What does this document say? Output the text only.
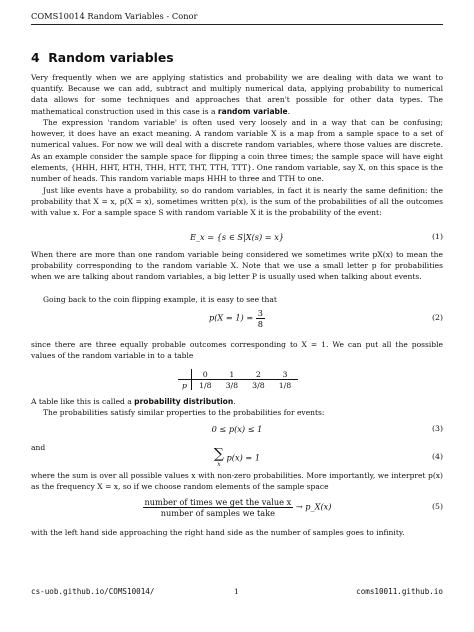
COMS10014 Random Variables - Conor
4 Random variables
Very frequently when we are applying statistics and probability we are dealing with data we want to quantify. Because we can add, subtract and multiply numerical data, applying probability to numerical data allows for some techniques and approaches that aren't possible for other data types. The mathematical construction used in this case is a random variable.
The expression 'random variable' is often used very loosely and in a way that can be confusing; however, it does have an exact meaning. A random variable X is a map from a sample space to a set of numerical values. For now we will deal with a discrete random variables, where those values are discrete. As an example consider the sample space for flipping a coin three times; the sample space will have eight elements, {HHH, HHT, HTH, THH, HTT, THT, TTH, TTT}. One random variable, say X, on this space is the number of heads. This random variable maps HHH to three and TTH to one.
Just like events have a probability, so do random variables, in fact it is nearly the same definition: the probability that X = x, p(X = x), sometimes written p(x), is the sum of the probabilities of all the outcomes with value x. For a sample space S with random variable X it is the probability of the event:
E_x = {s ∈ S|X(s) = x}	(1)
When there are more than one random variable being considered we sometimes write pX(x) to mean the probability corresponding to the random variable X. Note that we use a small letter p for probabilities when we are talking about random variables, a big letter P is usually used when talking about events.
Going back to the coin flipping example, it is easy to see that
$p(X = 1) = \frac{3}{8}$	(2)
since there are three equally probable outcomes corresponding to X = 1. We can put all the possible values of the random variable in to a table
	0	1	2	3
p	1/8	3/8	3/8	1/8
A table like this is called a probability distribution.
The probabilities satisfy similar properties to the probabilities for events:
0 ≤ p(x) ≤ 1	(3)
and	∑
x
p(x) = 1	(4)
where the sum is over all possible values x with non-zero probabilities. More importantly, we interpret p(x) as the frequency X = x, so if we choose random elements of the sample space
$\frac{\text{number of times we get the value x}}{\text{number of samples we take}}$ → p_X(x)	(5)
with the left hand side approaching the right hand side as the number of samples goes to infinity.
cs-uob.github.io/COMS10014/	1	coms10011.github.io
